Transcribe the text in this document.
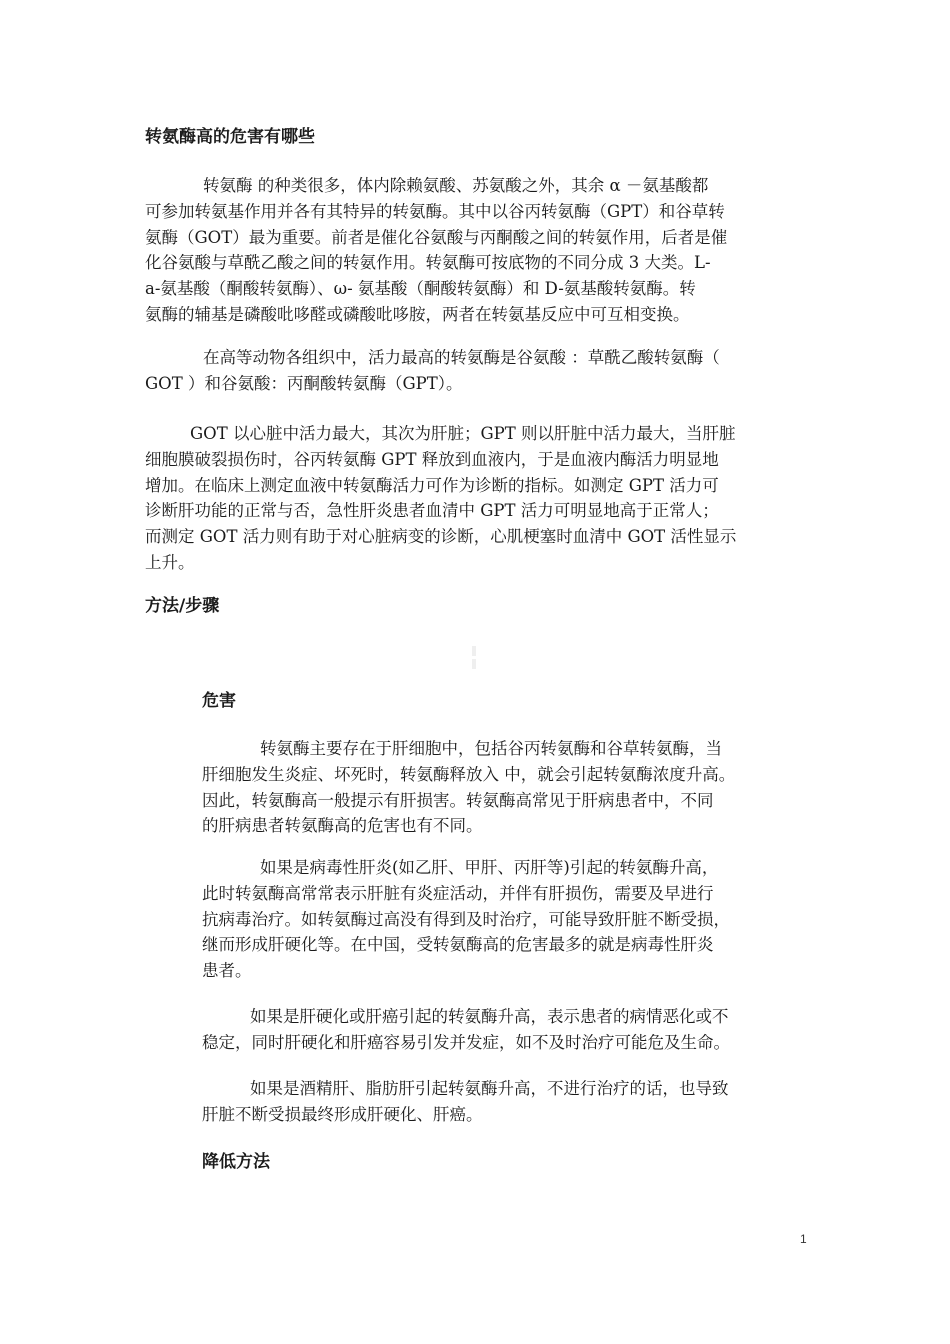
转氨酶高的危害有哪些
转氨酶 的种类很多，体内除赖氨酸、苏氨酸之外，其余 α －氨基酸都
可参加转氨基作用并各有其特异的转氨酶。其中以谷丙转氨酶（GPT）和谷草转
氨酶（GOT）最为重要。前者是催化谷氨酸与丙酮酸之间的转氨作用，后者是催
化谷氨酸与草酰乙酸之间的转氨作用。转氨酶可按底物的不同分成 3 大类。L-
a-氨基酸（酮酸转氨酶）、ω- 氨基酸（酮酸转氨酶）和 D-氨基酸转氨酶。转
氨酶的辅基是磷酸吡哆醛或磷酸吡哆胺，两者在转氨基反应中可互相变换。
在高等动物各组织中，活力最高的转氨酶是谷氨酸 ：草酰乙酸转氨酶（
GOT ）和谷氨酸：丙酮酸转氨酶（GPT）。
GOT 以心脏中活力最大，其次为肝脏；GPT 则以肝脏中活力最大，当肝脏
细胞膜破裂损伤时，谷丙转氨酶 GPT 释放到血液内，于是血液内酶活力明显地
增加。在临床上测定血液中转氨酶活力可作为诊断的指标。如测定 GPT 活力可
诊断肝功能的正常与否，急性肝炎患者血清中 GPT 活力可明显地高于正常人；
而测定 GOT 活力则有助于对心脏病变的诊断，心肌梗塞时血清中 GOT 活性显示
上升。
方法/步骤
危害
转氨酶主要存在于肝细胞中，包括谷丙转氨酶和谷草转氨酶，当
肝细胞发生炎症、坏死时，转氨酶释放入 中，就会引起转氨酶浓度升高。
因此，转氨酶高一般提示有肝损害。转氨酶高常见于肝病患者中，不同
的肝病患者转氨酶高的危害也有不同。
如果是病毒性肝炎(如乙肝、甲肝、丙肝等)引起的转氨酶升高，
此时转氨酶高常常表示肝脏有炎症活动，并伴有肝损伤，需要及早进行
抗病毒治疗。如转氨酶过高没有得到及时治疗，可能导致肝脏不断受损，
继而形成肝硬化等。在中国，受转氨酶高的危害最多的就是病毒性肝炎
患者。
如果是肝硬化或肝癌引起的转氨酶升高，表示患者的病情恶化或不
稳定，同时肝硬化和肝癌容易引发并发症，如不及时治疗可能危及生命。
如果是酒精肝、脂肪肝引起转氨酶升高，不进行治疗的话，也导致
肝脏不断受损最终形成肝硬化、肝癌。
降低方法
1
